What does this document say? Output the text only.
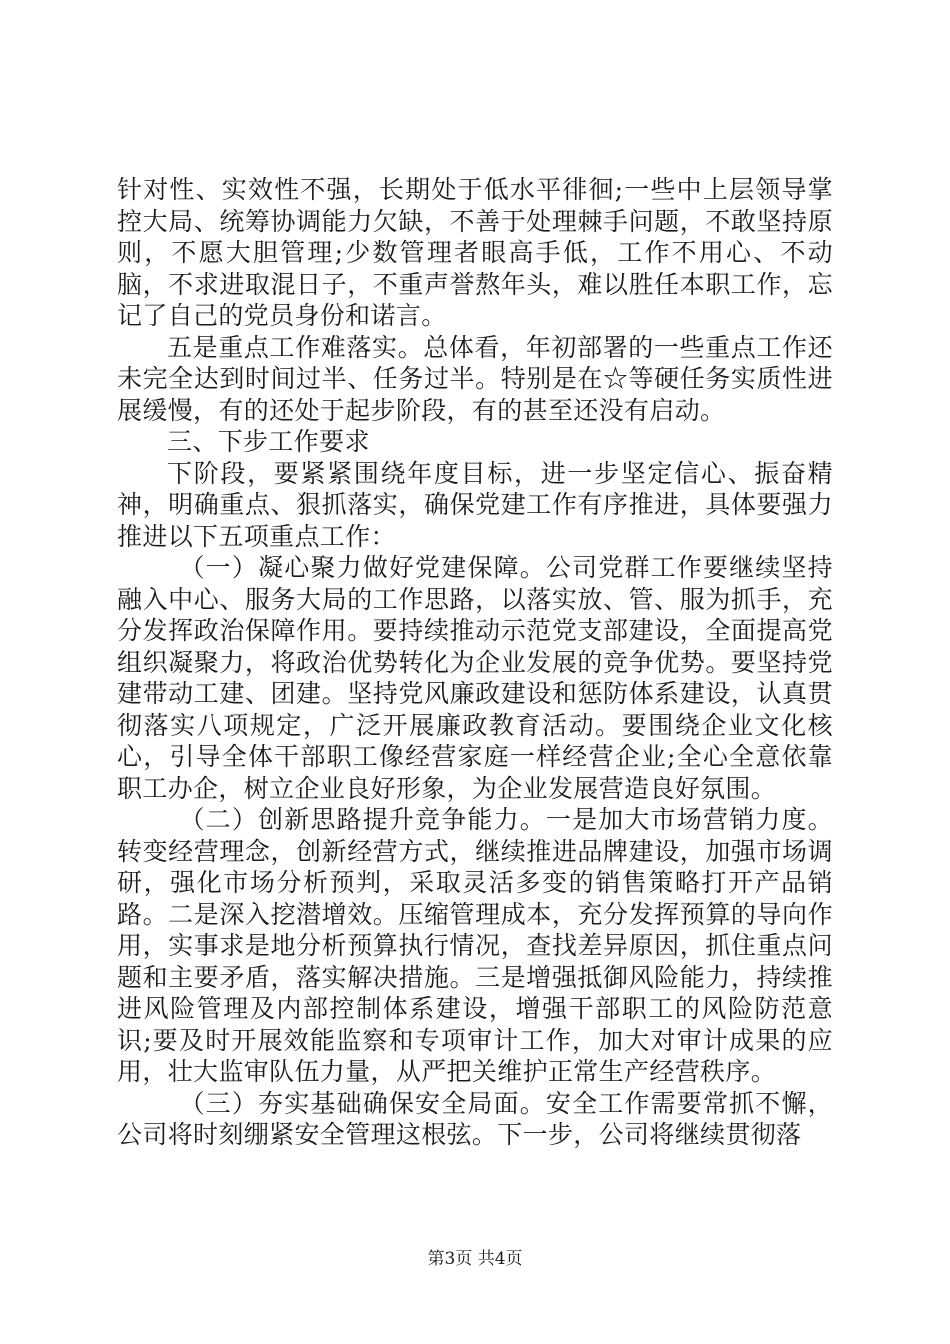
针对性、实效性不强，长期处于低水平徘徊;一些中上层领导掌控大局、统筹协调能力欠缺，不善于处理棘手问题，不敢坚持原则，不愿大胆管理;少数管理者眼高手低，工作不用心、不动脑，不求进取混日子，不重声誉熬年头，难以胜任本职工作，忘记了自己的党员身份和诺言。

五是重点工作难落实。总体看，年初部署的一些重点工作还未完全达到时间过半、任务过半。特别是在☆等硬任务实质性进展缓慢，有的还处于起步阶段，有的甚至还没有启动。

三、下步工作要求

下阶段，要紧紧围绕年度目标，进一步坚定信心、振奋精神，明确重点、狠抓落实，确保党建工作有序推进，具体要强力推进以下五项重点工作：

（一）凝心聚力做好党建保障。公司党群工作要继续坚持融入中心、服务大局的工作思路，以落实放、管、服为抓手，充分发挥政治保障作用。要持续推动示范党支部建设，全面提高党组织凝聚力，将政治优势转化为企业发展的竞争优势。要坚持党建带动工建、团建。坚持党风廉政建设和惩防体系建设，认真贯彻落实八项规定，广泛开展廉政教育活动。要围绕企业文化核心，引导全体干部职工像经营家庭一样经营企业;全心全意依靠职工办企，树立企业良好形象，为企业发展营造良好氛围。

（二）创新思路提升竞争能力。一是加大市场营销力度。转变经营理念，创新经营方式，继续推进品牌建设，加强市场调研，强化市场分析预判，采取灵活多变的销售策略打开产品销路。二是深入挖潜增效。压缩管理成本，充分发挥预算的导向作用，实事求是地分析预算执行情况，查找差异原因，抓住重点问题和主要矛盾，落实解决措施。三是增强抵御风险能力，持续推进风险管理及内部控制体系建设，增强干部职工的风险防范意识;要及时开展效能监察和专项审计工作，加大对审计成果的应用，壮大监审队伍力量，从严把关维护正常生产经营秩序。

（三）夯实基础确保安全局面。安全工作需要常抓不懈，公司将时刻绷紧安全管理这根弦。下一步，公司将继续贯彻落

第3页 共4页
